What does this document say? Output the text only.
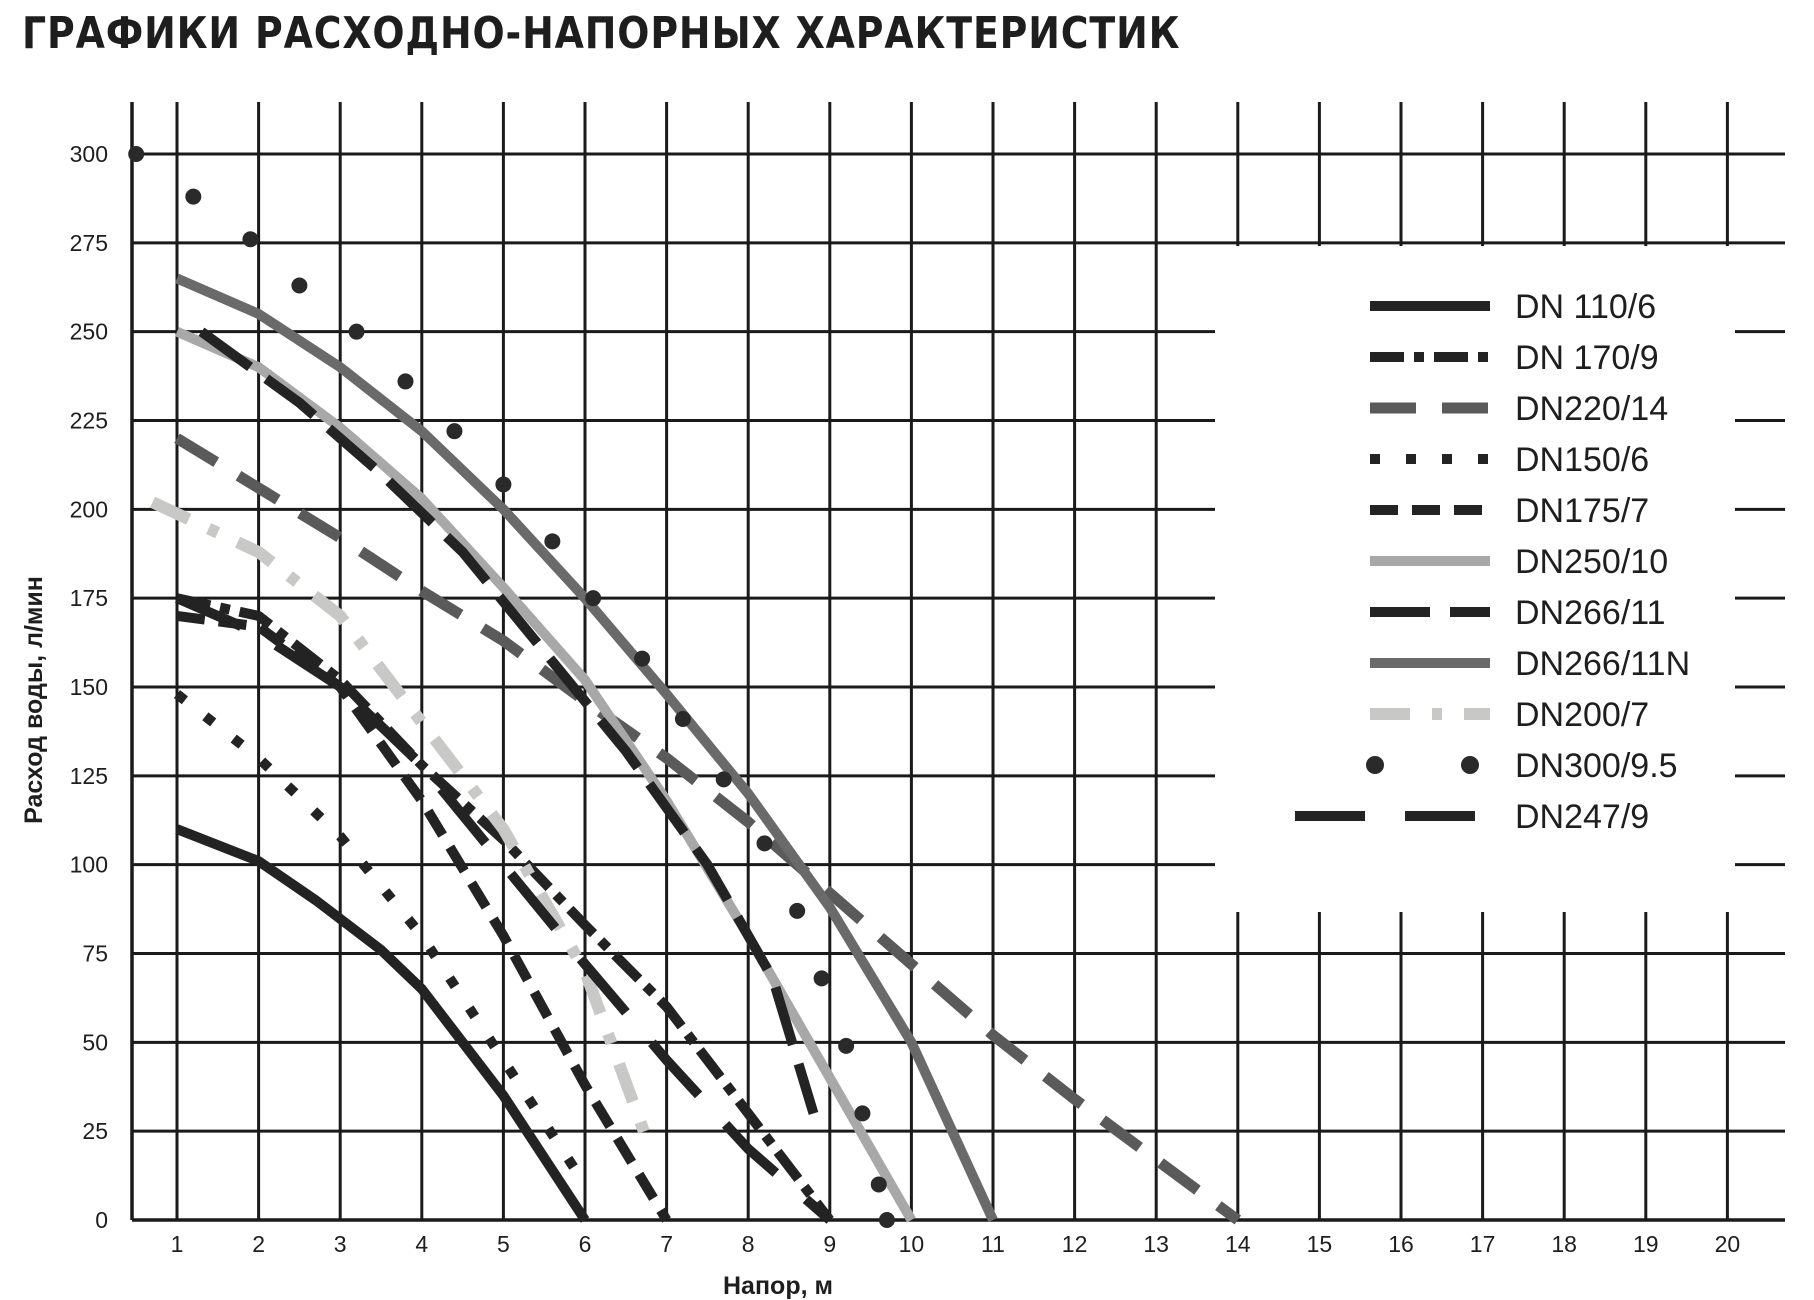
ГРАФИКИ РАСХОДНО-НАПОРНЫХ ХАРАКТЕРИСТИК
1	2	3	4	5	6	7	8	9	10 11 12 13 14 15 16 17 18 19 20
0
25
50
75
100
125
150
175
200
225
250
275
300
Напор, м
Расход воды, л/мин
DN 110/6
DN 170/9
DN220/14
DN150/6
DN175/7
DN250/10
DN266/11
DN266/11N
DN200/7
DN300/9.5
DN247/9
